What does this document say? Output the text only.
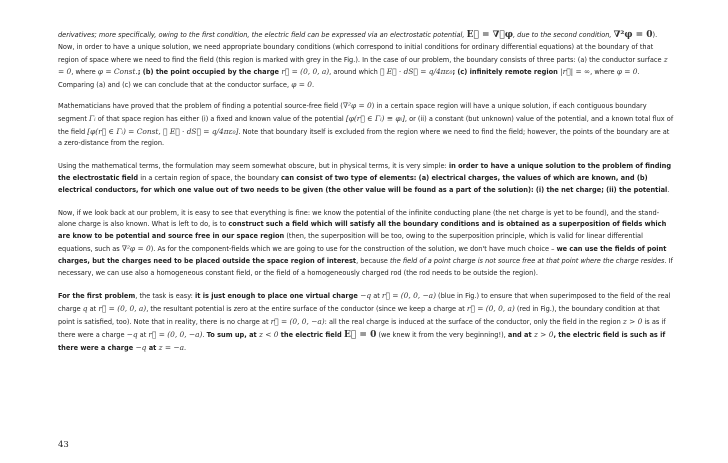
derivatives; more specifically, owing to the first condition, the electric field can be expressed via an electrostatic potential, E⃗ = ∇⃗φ, due to the second condition, ∇²φ = 0). Now, in order to have a unique solution, we need appropriate boundary conditions (which correspond to initial conditions for ordinary differential equations) at the boundary of that region of space where we need to find the field (this region is marked with grey in the Fig.). In the case of our problem, the boundary consists of three parts: (a) the conductor surface z = 0, where φ = Const.; (b) the point occupied by the charge r⃗ = (0, 0, a), around which ∮ E⃗ · dS⃗ = q/4πε₀; (c) infinitely remote region |r⃗| = ∞, where φ = 0. Comparing (a) and (c) we can conclude that at the conductor surface, φ = 0.

Mathematicians have proved that the problem of finding a potential source-free field (∇²φ = 0) in a certain space region will have a unique solution, if each contiguous boundary segment Γᵢ of that space region has either (i) a fixed and known value of the potential [φ(r⃗ ∈ Γᵢ) ≡ φᵢ], or (ii) a constant (but unknown) value of the potential, and a known total flux of the field [φ(r⃗ ∈ Γᵢ) = Const, ∮ E⃗ · dS⃗ = q/4πε₀]. Note that boundary itself is excluded from the region where we need to find the field; however, the points of the boundary are at a zero-distance from the region.

Using the mathematical terms, the formulation may seem somewhat obscure, but in physical terms, it is very simple: in order to have a unique solution to the problem of finding the electrostatic field in a certain region of space, the boundary can consist of two type of elements: (a) electrical charges, the values of which are known, and (b) electrical conductors, for which one value out of two needs to be given (the other value will be found as a part of the solution): (i) the net charge; (ii) the potential.

Now, if we look back at our problem, it is easy to see that everything is fine: we know the potential of the infinite conducting plane (the net charge is yet to be found), and the stand-alone charge is also known. What is left to do, is to construct such a field which will satisfy all the boundary conditions and is obtained as a superposition of fields which are know to be potential and source free in our space region (then, the superposition will be too, owing to the superposition principle, which is valid for linear differential equations, such as ∇²φ = 0). As for the component-fields which we are going to use for the construction of the solution, we don't have much choice – we can use the fields of point charges, but the charges need to be placed outside the space region of interest, because the field of a point charge is not source free at that point where the charge resides. If necessary, we can use also a homogeneous constant field, or the field of a homogeneously charged rod (the rod needs to be outside the region).

For the first problem, the task is easy: it is just enough to place one virtual charge −q at r⃗ = (0, 0, −a) (blue in Fig.) to ensure that when superimposed to the field of the real charge q at r⃗ = (0, 0, a), the resultant potential is zero at the entire surface of the conductor (since we keep a charge at r⃗ = (0, 0, a) (red in Fig.), the boundary condition at that point is satisfied, too). Note that in reality, there is no charge at r⃗ = (0, 0, −a): all the real charge is induced at the surface of the conductor, only the field in the region z > 0 is as if there were a charge −q at r⃗ = (0, 0, −a). To sum up, at z < 0 the electric field E⃗ = 0 (we knew it from the very beginning!), and at z > 0, the electric field is such as if there were a charge −q at z = −a.

43
